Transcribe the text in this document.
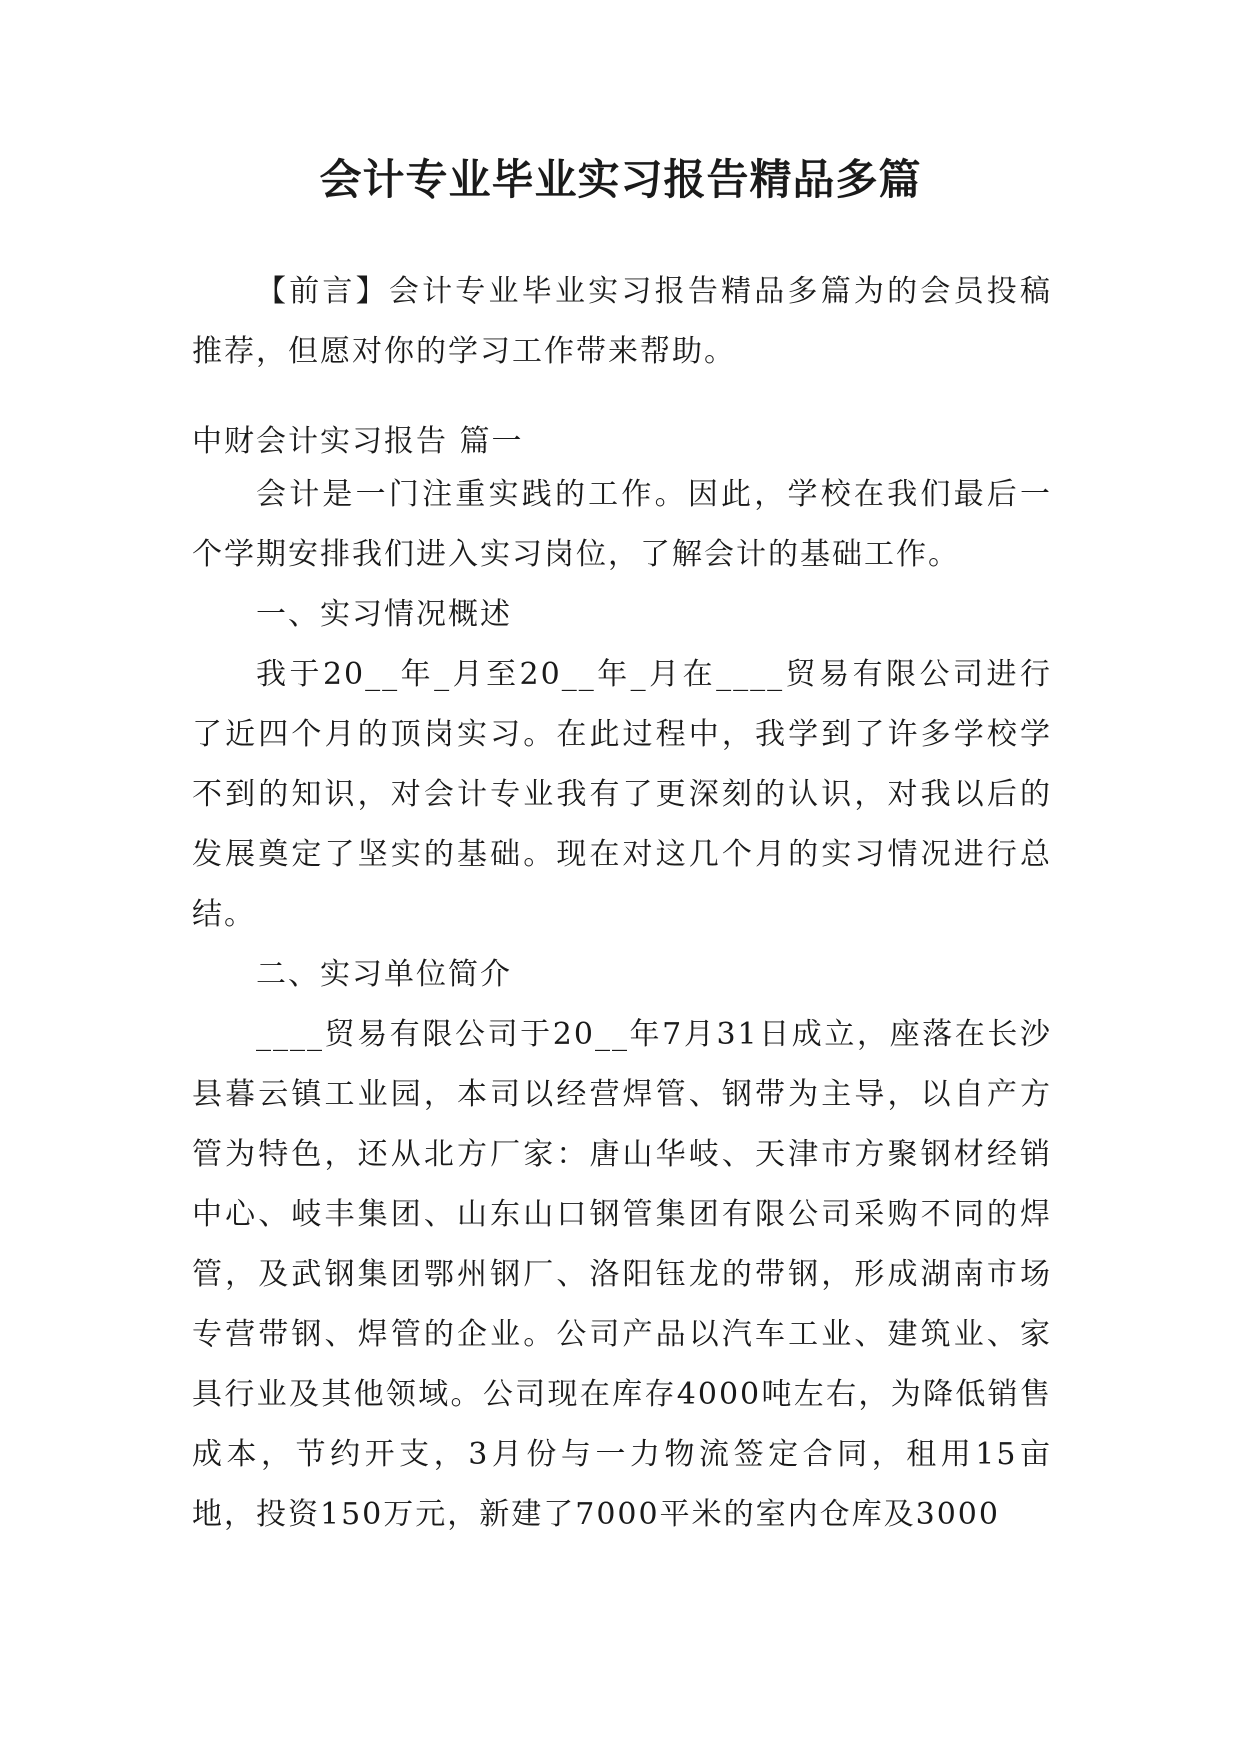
会计专业毕业实习报告精品多篇

【前言】会计专业毕业实习报告精品多篇为的会员投稿推荐，但愿对你的学习工作带来帮助。

中财会计实习报告 篇一

会计是一门注重实践的工作。因此，学校在我们最后一个学期安排我们进入实习岗位，了解会计的基础工作。

一、实习情况概述

我于20__年_月至20__年_月在____贸易有限公司进行了近四个月的顶岗实习。在此过程中，我学到了许多学校学不到的知识，对会计专业我有了更深刻的认识，对我以后的发展奠定了坚实的基础。现在对这几个月的实习情况进行总结。

二、实习单位简介

____贸易有限公司于20__年7月31日成立，座落在长沙县暮云镇工业园，本司以经营焊管、钢带为主导，以自产方管为特色，还从北方厂家：唐山华岐、天津市方聚钢材经销中心、岐丰集团、山东山口钢管集团有限公司采购不同的焊管，及武钢集团鄂州钢厂、洛阳钰龙的带钢，形成湖南市场专营带钢、焊管的企业。公司产品以汽车工业、建筑业、家具行业及其他领域。公司现在库存4000吨左右，为降低销售成本，节约开支，3月份与一力物流签定合同，租用15亩地，投资150万元，新建了7000平米的室内仓库及3000
